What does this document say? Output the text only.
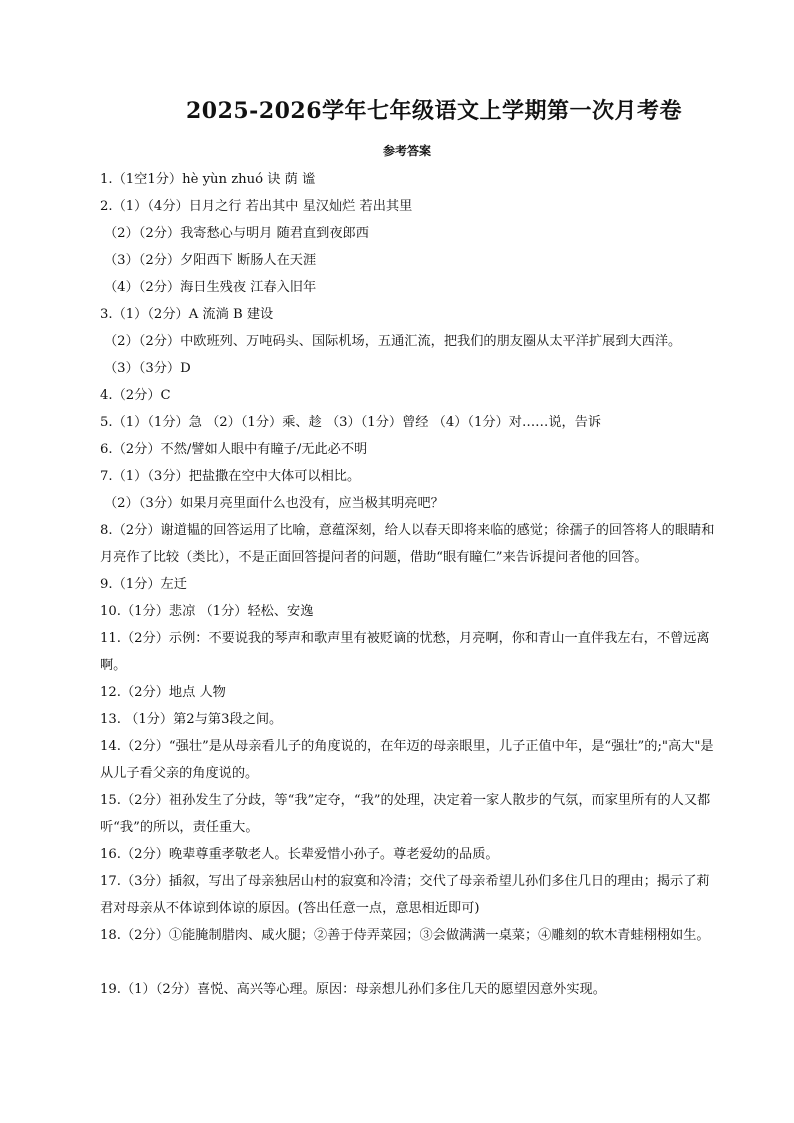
2025-2026学年七年级语文上学期第一次月考卷
参考答案
1.（1空1分）hè yùn zhuó 诀 荫 谧
2.（1）（4分）日月之行 若出其中 星汉灿烂 若出其里
（2）（2分）我寄愁心与明月 随君直到夜郎西
（3）（2分）夕阳西下 断肠人在天涯
（4）（2分）海日生残夜 江春入旧年
3.（1）（2分）A 流淌 B 建设
（2）（2分）中欧班列、万吨码头、国际机场，五通汇流，把我们的朋友圈从太平洋扩展到大西洋。
（3）（3分）D
4.（2分）C
5.（1）（1分）急 （2）（1分）乘、趁 （3）（1分）曾经 （4）（1分）对……说，告诉
6.（2分）不然/譬如人眼中有瞳子/无此必不明
7.（1）（3分）把盐撒在空中大体可以相比。
（2）（3分）如果月亮里面什么也没有，应当极其明亮吧？
8.（2分）谢道韫的回答运用了比喻，意蕴深刻，给人以春天即将来临的感觉；徐孺子的回答将人的眼睛和月亮作了比较（类比），不是正面回答提问者的问题，借助“眼有瞳仁”来告诉提问者他的回答。
9.（1分）左迁
10.（1分）悲凉 （1分）轻松、安逸
11.（2分）示例：不要说我的琴声和歌声里有被贬谪的忧愁，月亮啊，你和青山一直伴我左右，不曾远离啊。
12.（2分）地点 人物
13. （1分）第2与第3段之间。
14.（2分）“强壮”是从母亲看儿子的角度说的，在年迈的母亲眼里，儿子正值中年，是“强壮”的;"高大"是从儿子看父亲的角度说的。
15.（2分）祖孙发生了分歧，等“我”定夺，“我”的处理，决定着一家人散步的气氛，而家里所有的人又都听“我”的所以，责任重大。
16.（2分）晚辈尊重孝敬老人。长辈爱惜小孙子。尊老爱幼的品质。
17.（3分）插叙，写出了母亲独居山村的寂寞和冷清；交代了母亲希望儿孙们多住几日的理由；揭示了莉君对母亲从不体谅到体谅的原因。(答出任意一点，意思相近即可)
18.（2分）①能腌制腊肉、咸火腿；②善于侍弄菜园；③会做满满一桌菜；④雕刻的软木青蛙栩栩如生。
19.（1）（2分）喜悦、高兴等心理。原因：母亲想儿孙们多住几天的愿望因意外实现。
